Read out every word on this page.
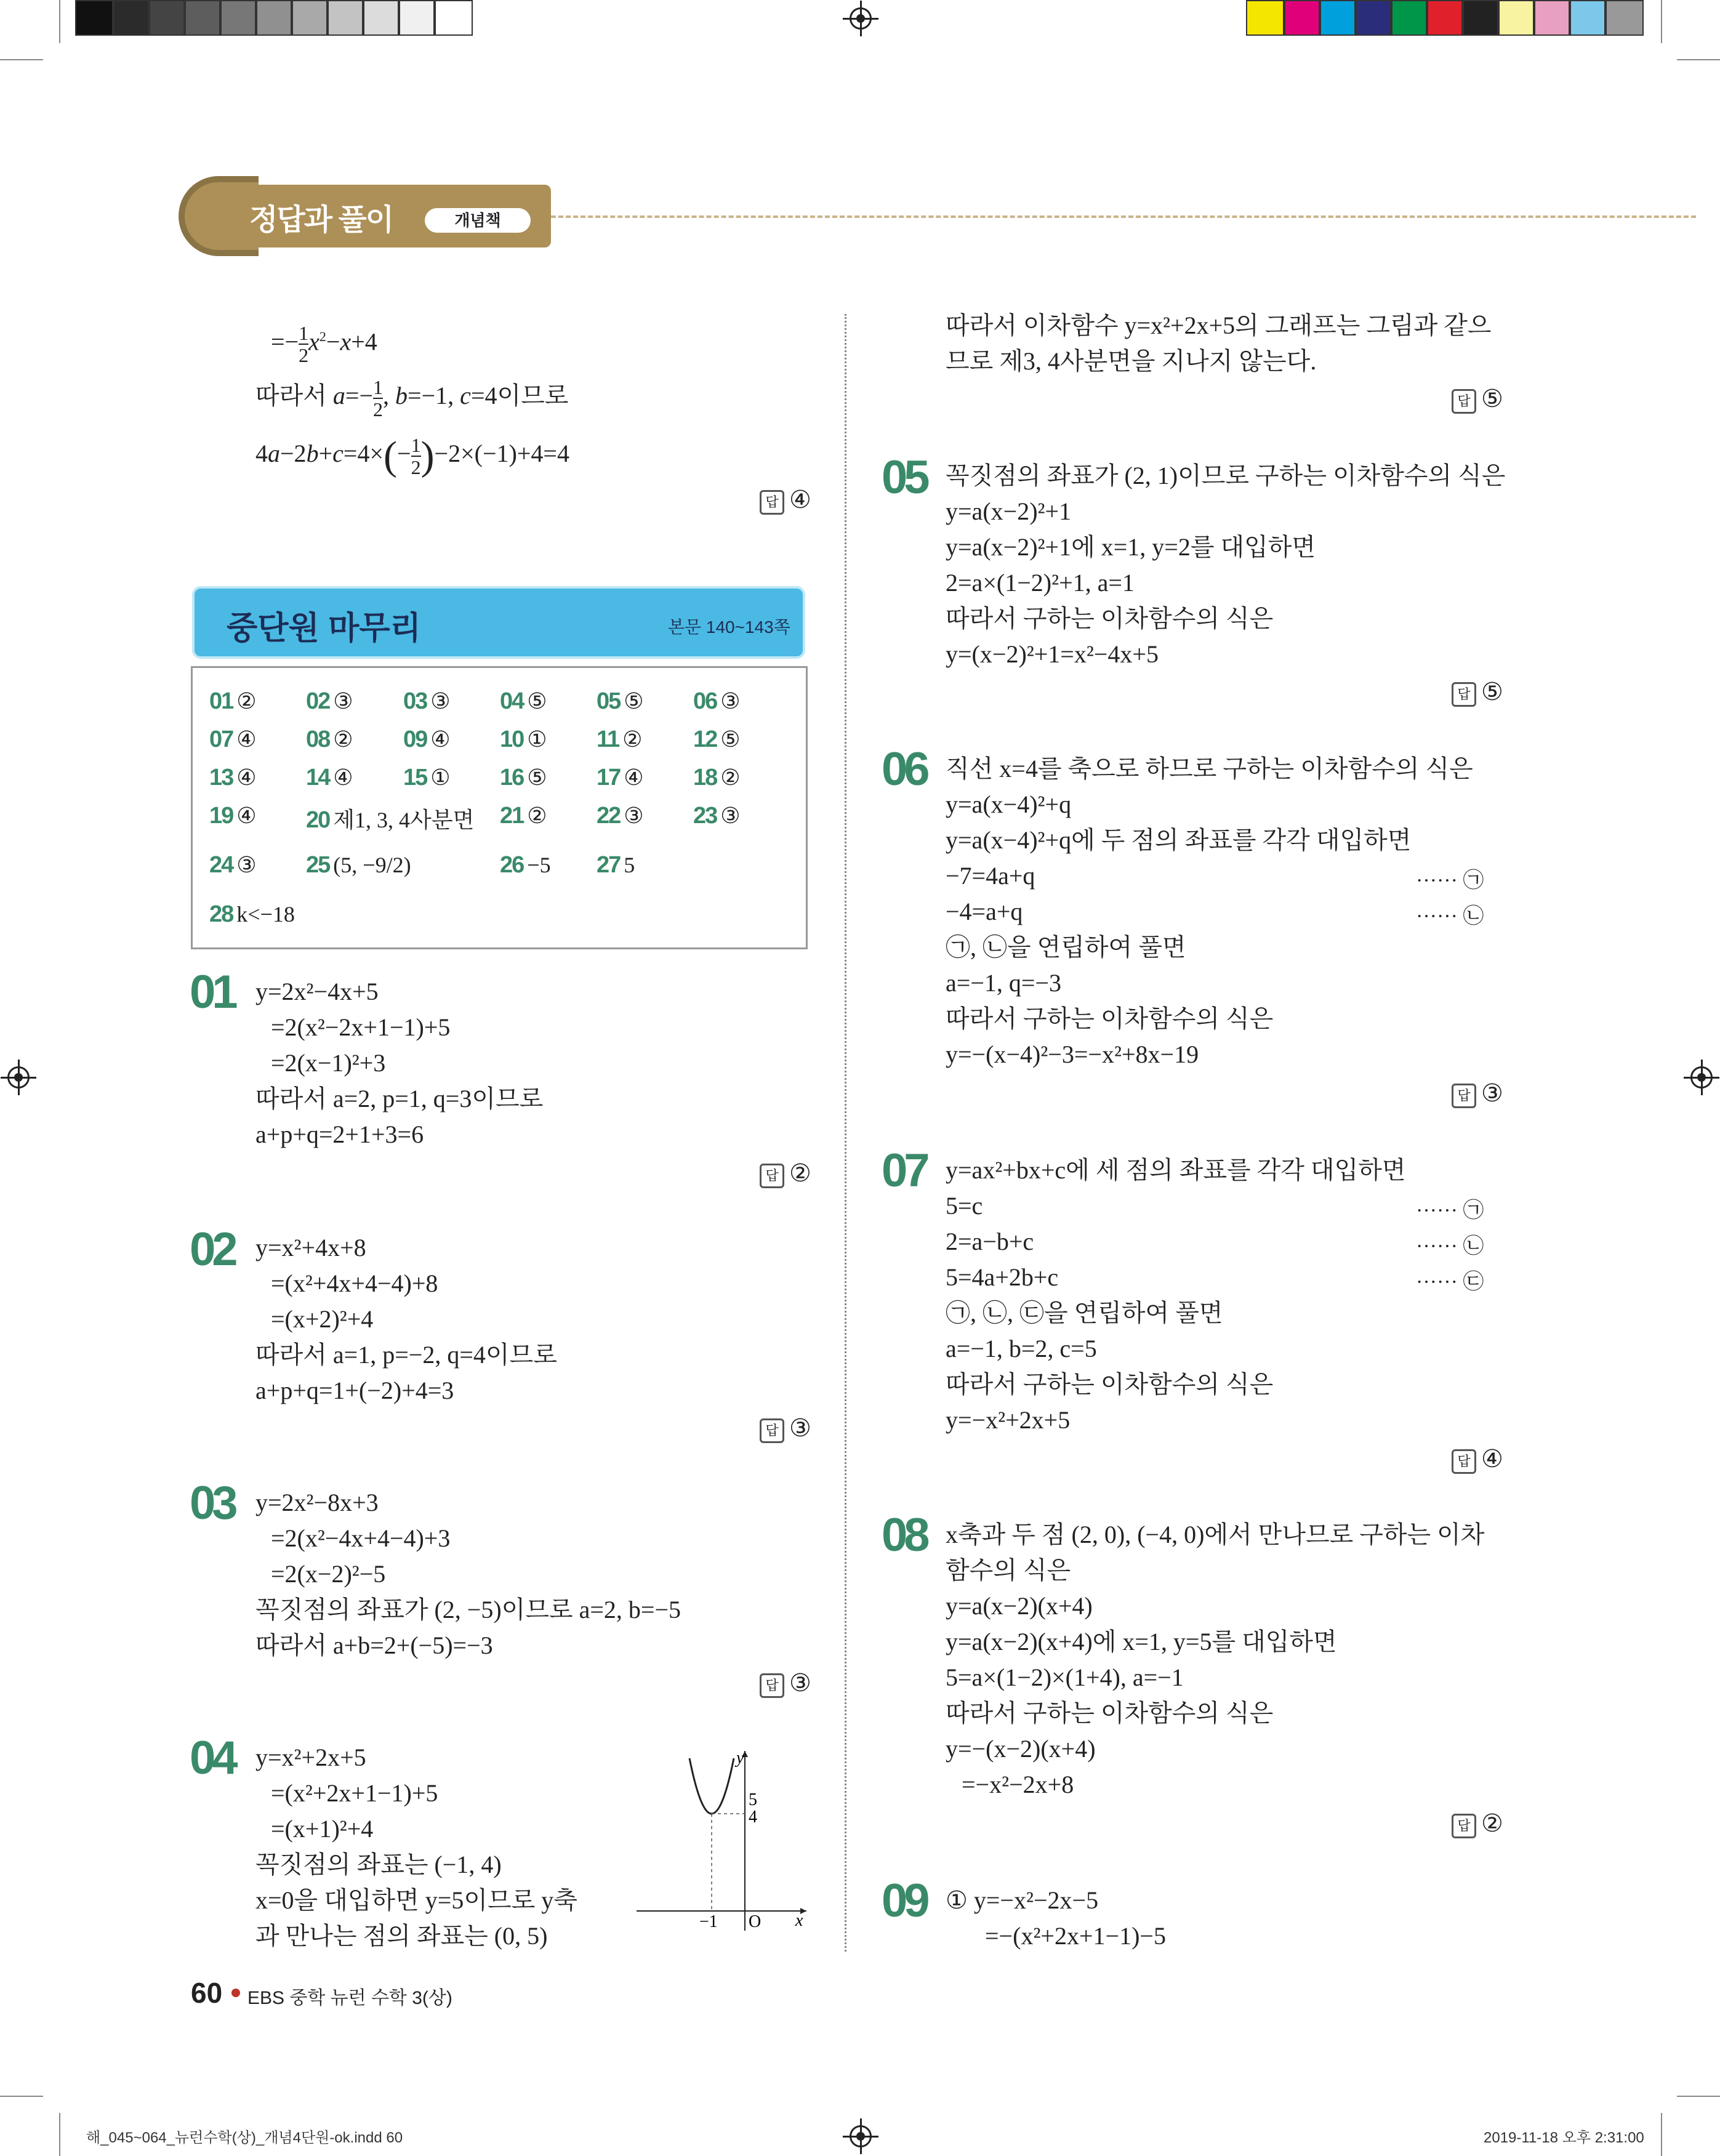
정답과 풀이	개념책
=− $\frac{1}{2} x^2-x+4$
따라서 $a=- \frac{1}{2}$ , b=−1, c=4이므로
$4a-2b+c=4\times(- \frac{1}{2} )-2\times(-1)+4=4$
답 ④
중단원 마무리	본문 140~143쪽
01 ② 02 ③ 03 ③ 04 ⑤ 05 ⑤ 06 ③
07 ④ 08 ② 09 ④ 10 ① 11 ② 12 ⑤
13 ④ 14 ④ 15 ① 16 ⑤ 17 ④ 18 ②
19 ④ 20 제1, 3, 4사분면 21 ② 22 ③ 23 ③
24 ③ 25 (5, −9/2)	26 −5 27 5
28 k<−18
01 y=2x²−4x+5
=2(x²−2x+1−1)+5
=2(x−1)²+3
따라서 a=2, p=1, q=3이므로
a+p+q=2+1+3=6
답 ②
02 y=x²+4x+8
=(x²+4x+4−4)+8
=(x+2)²+4
따라서 a=1, p=−2, q=4이므로
a+p+q=1+(−2)+4=3
답 ③
03 y=2x²−8x+3
=2(x²−4x+4−4)+3
=2(x−2)²−5
꼭짓점의 좌표가 (2, −5)이므로 a=2, b=−5
따라서 a+b=2+(−5)=−3
답 ③
04 y=x²+2x+5
=(x²+2x+1−1)+5
=(x+1)²+4
꼭짓점의 좌표는 (−1, 4)
x=0을 대입하면 y=5이므로 y축
과 만나는 점의 좌표는 (0, 5)
y
x
O
−1
5
4
따라서 이차함수 y=x²+2x+5의 그래프는 그림과 같으
므로 제3, 4사분면을 지나지 않는다.
답 ⑤
05 꼭짓점의 좌표가 (2, 1)이므로 구하는 이차함수의 식은
y=a(x−2)²+1
y=a(x−2)²+1에 x=1, y=2를 대입하면
2=a×(1−2)²+1, a=1
따라서 구하는 이차함수의 식은
y=(x−2)²+1=x²−4x+5
답 ⑤
06 직선 x=4를 축으로 하므로 구하는 이차함수의 식은
y=a(x−4)²+q
y=a(x−4)²+q에 두 점의 좌표를 각각 대입하면
−7=4a+q	······ ㉠
−4=a+q	······ ㉡
㉠, ㉡을 연립하여 풀면
a=−1, q=−3
따라서 구하는 이차함수의 식은
y=−(x−4)²−3=−x²+8x−19
답 ③
07 y=ax²+bx+c에 세 점의 좌표를 각각 대입하면
5=c	······ ㉠
2=a−b+c	······ ㉡
5=4a+2b+c	······ ㉢
㉠, ㉡, ㉢을 연립하여 풀면
a=−1, b=2, c=5
따라서 구하는 이차함수의 식은
y=−x²+2x+5
답 ④
08 x축과 두 점 (2, 0), (−4, 0)에서 만나므로 구하는 이차
함수의 식은
y=a(x−2)(x+4)
y=a(x−2)(x+4)에 x=1, y=5를 대입하면
5=a×(1−2)×(1+4), a=−1
따라서 구하는 이차함수의 식은
y=−(x−2)(x+4)
=−x²−2x+8
답 ②
09 ① y=−x²−2x−5
=−(x²+2x+1−1)−5
60 EBS 중학 뉴런 수학 3(상)
해_045~064_뉴런수학(상)_개념4단원-ok.indd 60	2019-11-18 오후 2:31:00
